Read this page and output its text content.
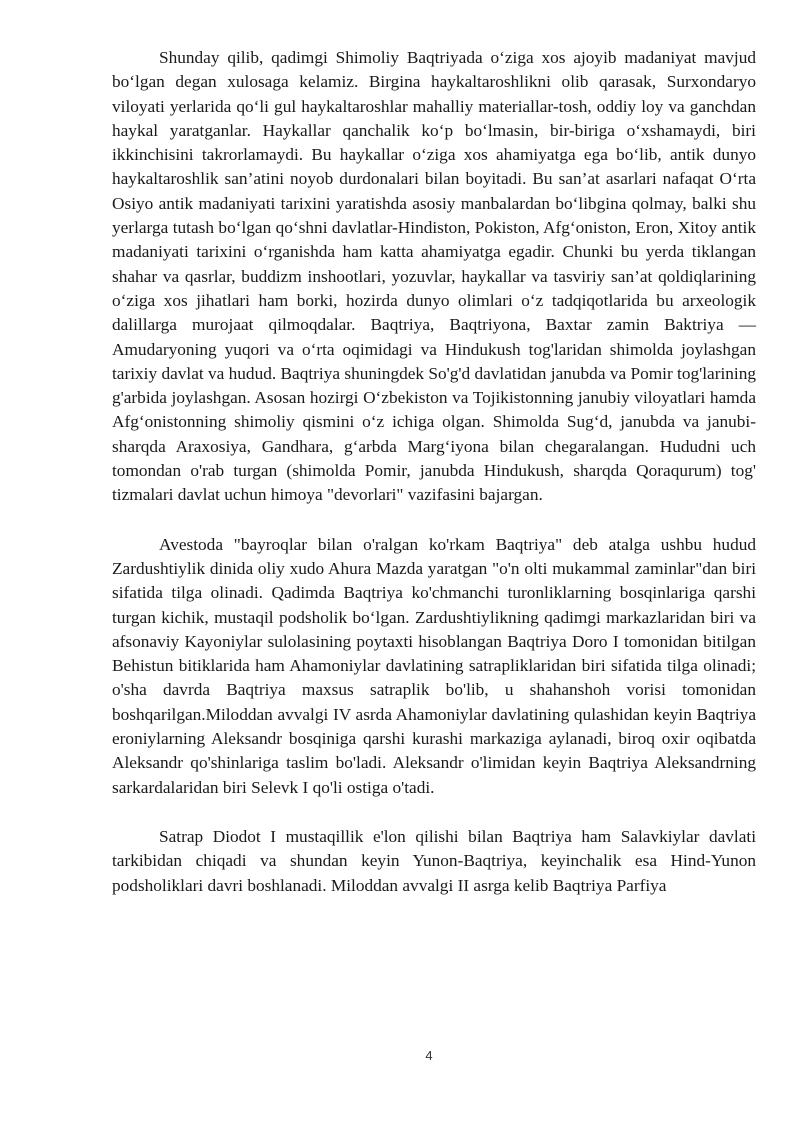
Shunday qilib, qadimgi Shimoliy Baqtriyada o‘ziga xos ajoyib madaniyat mavjud bo‘lgan degan xulosaga kelamiz. Birgina haykaltaroshlikni olib qarasak, Surxondaryo viloyati yerlarida qo‘li gul haykaltaroshlar mahalliy materiallar-tosh, oddiy loy va ganchdan haykal yaratganlar. Haykallar qanchalik ko‘p bo‘lmasin, bir-biriga o‘xshamaydi, biri ikkinchisini takrorlamaydi. Bu haykallar o‘ziga xos ahamiyatga ega bo‘lib, antik dunyo haykaltaroshlik san’atini noyob durdonalari bilan boyitadi. Bu san’at asarlari nafaqat O‘rta Osiyo antik madaniyati tarixini yaratishda asosiy manbalardan bo‘libgina qolmay, balki shu yerlarga tutash bo‘lgan qo‘shni davlatlar-Hindiston, Pokiston, Afg‘oniston, Eron, Xitoy antik madaniyati tarixini o‘rganishda ham katta ahamiyatga egadir. Chunki bu yerda tiklangan shahar va qasrlar, buddizm inshootlari, yozuvlar, haykallar va tasviriy san’at qoldiqlarining o‘ziga xos jihatlari ham borki, hozirda dunyo olimlari o‘z tadqiqotlarida bu arxeologik dalillarga murojaat qilmoqdalar. Baqtriya, Baqtriyona, Baxtar zamin Baktriya — Amudaryoning yuqori va o‘rta oqimidagi va Hindukush tog'laridan shimolda joylashgan tarixiy davlat va hudud. Baqtriya shuningdek So'g'd davlatidan janubda va Pomir tog'larining g'arbida joylashgan. Asosan hozirgi O‘zbekiston va Tojikistonning janubiy viloyatlari hamda Afg‘onistonning shimoliy qismini o‘z ichiga olgan. Shimolda Sug‘d, janubda va janubi-sharqda Araxosiya, Gandhara, g‘arbda Marg‘iyona bilan chegaralangan. Hududni uch tomondan o'rab turgan (shimolda Pomir, janubda Hindukush, sharqda Qoraqurum) tog' tizmalari davlat uchun himoya "devorlari" vazifasini bajargan.

Avestoda "bayroqlar bilan o'ralgan ko'rkam Baqtriya" deb atalga ushbu hudud Zardushtiylik dinida oliy xudo Ahura Mazda yaratgan "o'n olti mukammal zaminlar"dan biri sifatida tilga olinadi. Qadimda Baqtriya ko'chmanchi turonliklarning bosqinlariga qarshi turgan kichik, mustaqil podsholik bo‘lgan. Zardushtiylikning qadimgi markazlaridan biri va afsonaviy Kayoniylar sulolasining poytaxti hisoblangan Baqtriya Doro I tomonidan bitilgan Behistun bitiklarida ham Ahamoniylar davlatining satrapliklaridan biri sifatida tilga olinadi; o'sha davrda Baqtriya maxsus satraplik bo'lib, u shahanshoh vorisi tomonidan boshqarilgan.Miloddan avvalgi IV asrda Ahamoniylar davlatining qulashidan keyin Baqtriya eroniylarning Aleksandr bosqiniga qarshi kurashi markaziga aylanadi, biroq oxir oqibatda Aleksandr qo'shinlariga taslim bo'ladi. Aleksandr o'limidan keyin Baqtriya Aleksandrning sarkardalaridan biri Selevk I qo'li ostiga o'tadi.

Satrap Diodot I mustaqillik e'lon qilishi bilan Baqtriya ham Salavkiylar davlati tarkibidan chiqadi va shundan keyin Yunon-Baqtriya, keyinchalik esa Hind-Yunon podsholiklari davri boshlanadi. Miloddan avvalgi II asrga kelib Baqtriya Parfiya

4
